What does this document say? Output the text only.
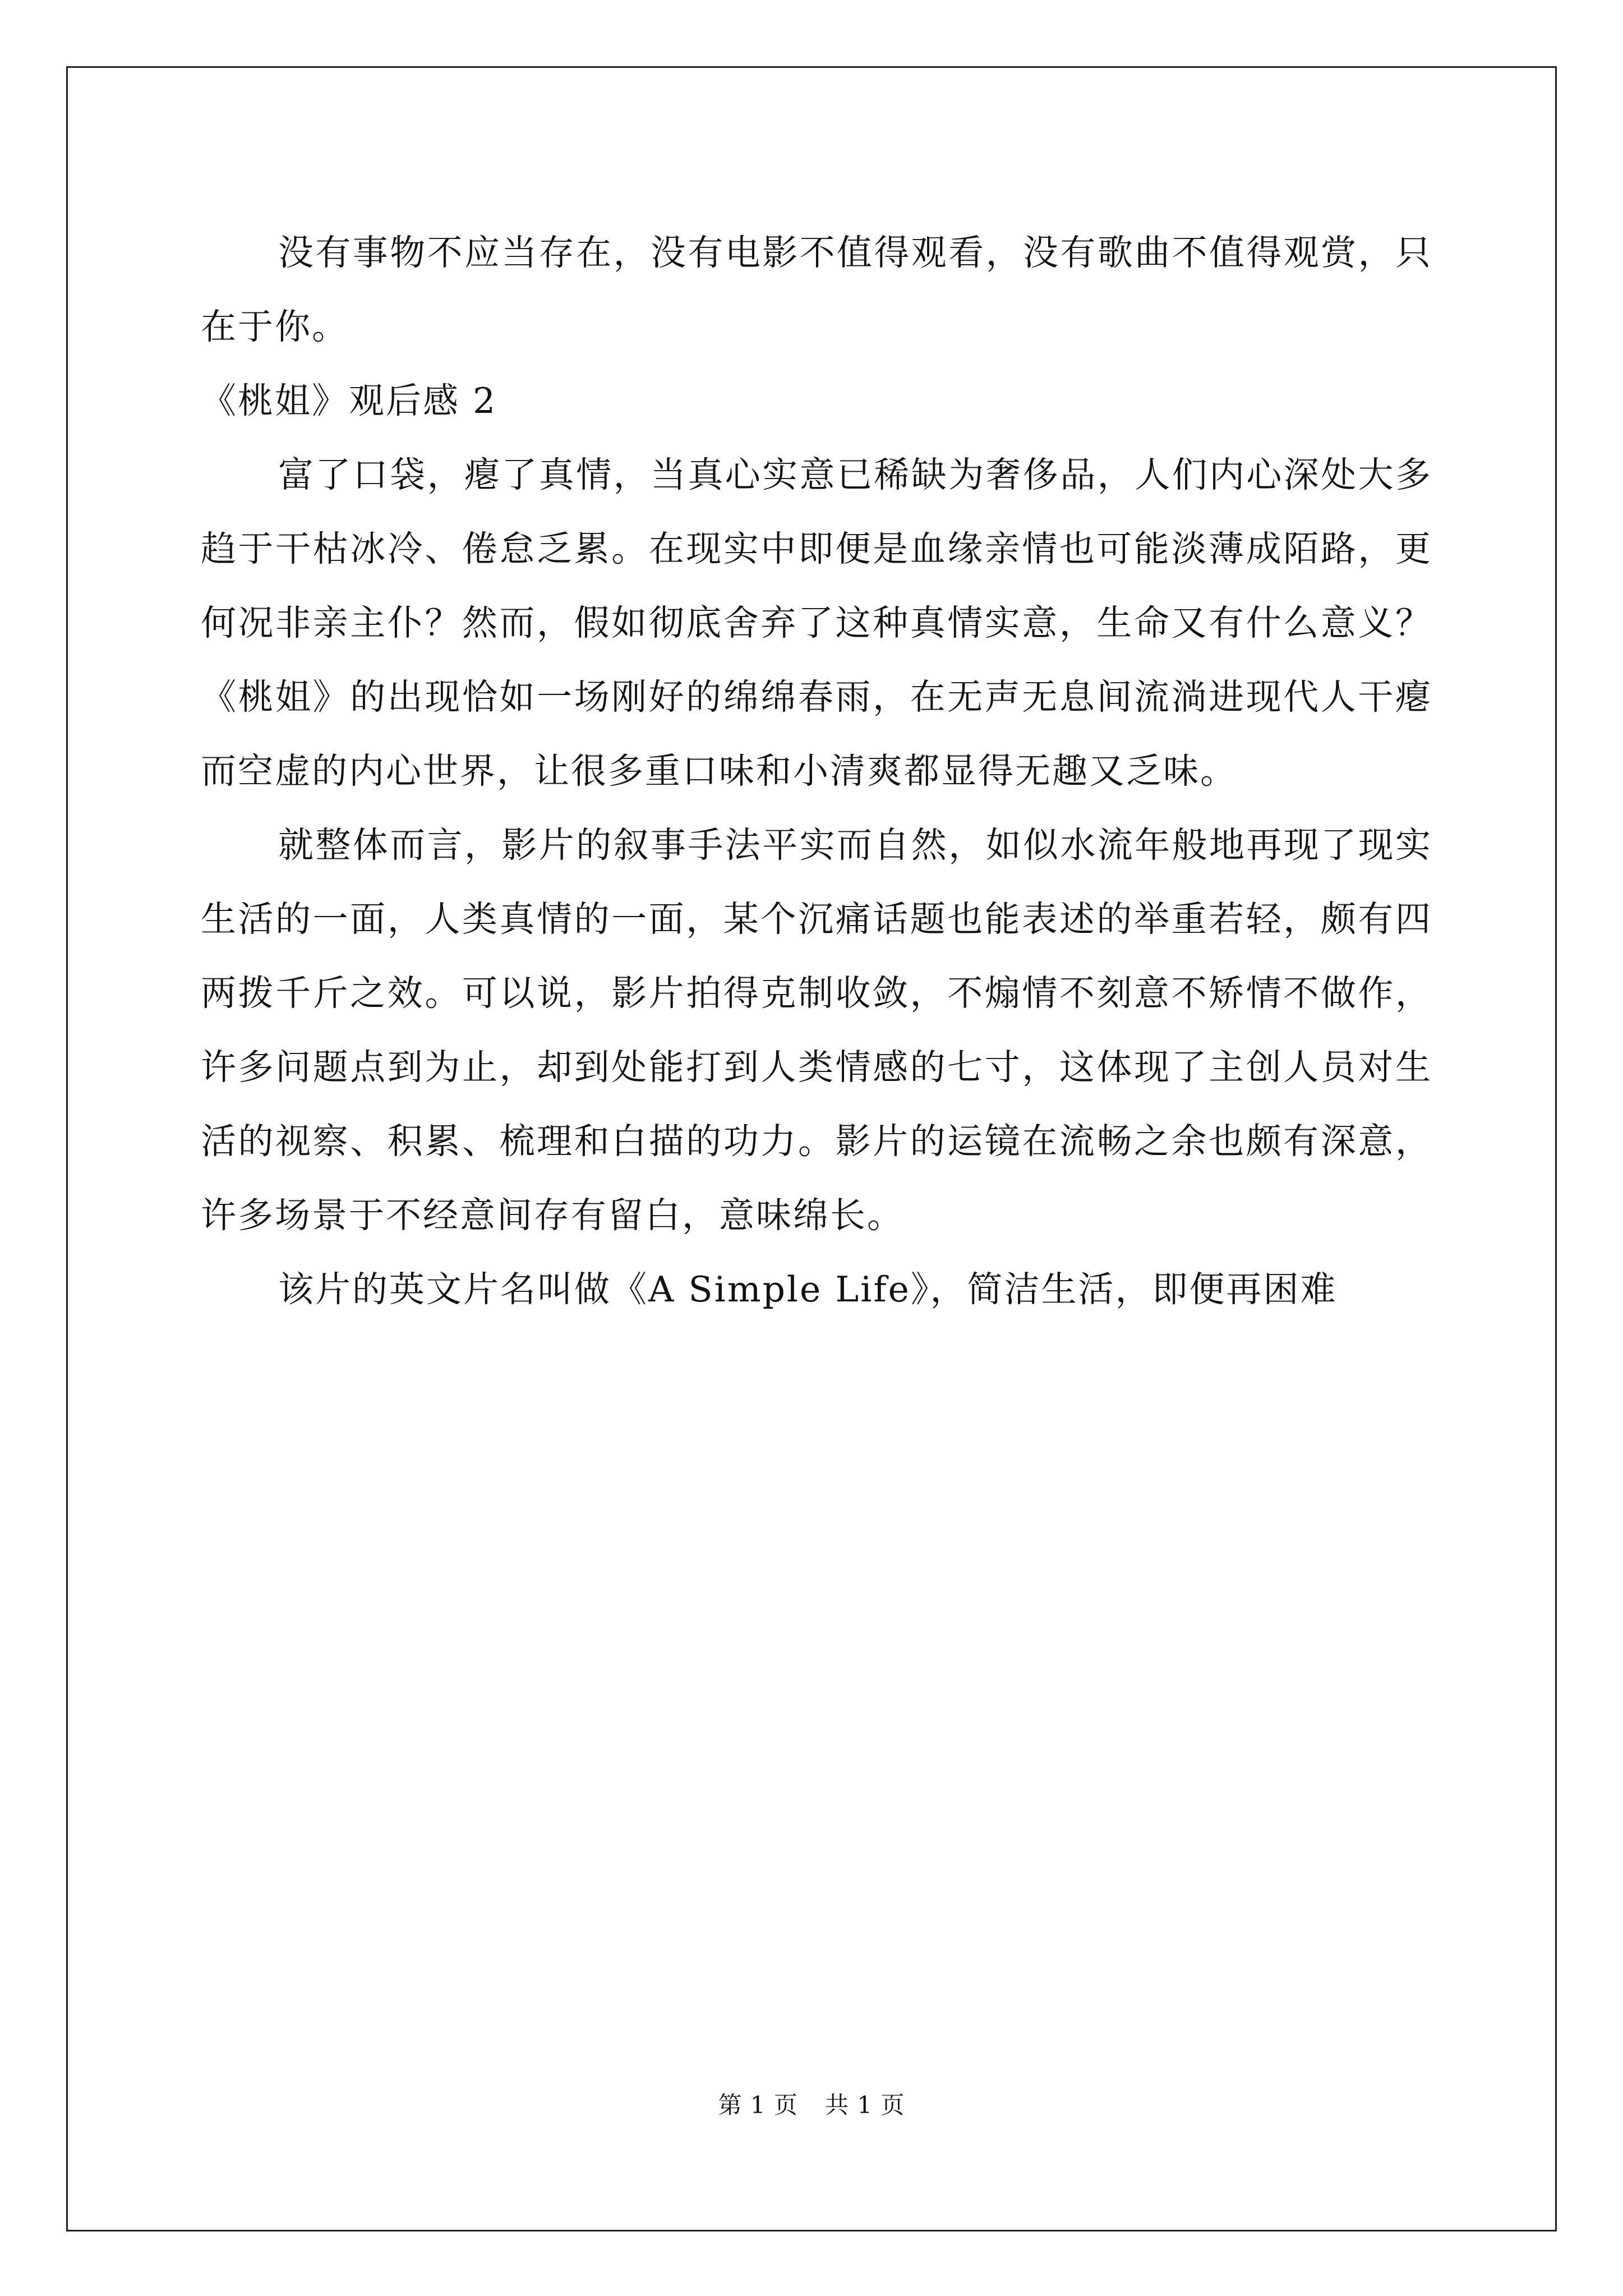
没有事物不应当存在，没有电影不值得观看，没有歌曲不值得观赏，只在于你。

《桃姐》观后感 2

富了口袋，瘪了真情，当真心实意已稀缺为奢侈品，人们内心深处大多趋于干枯冰冷、倦怠乏累。在现实中即便是血缘亲情也可能淡薄成陌路，更何况非亲主仆？然而，假如彻底舍弃了这种真情实意，生命又有什么意义？《桃姐》的出现恰如一场刚好的绵绵春雨，在无声无息间流淌进现代人干瘪而空虚的内心世界，让很多重口味和小清爽都显得无趣又乏味。

就整体而言，影片的叙事手法平实而自然，如似水流年般地再现了现实生活的一面，人类真情的一面，某个沉痛话题也能表述的举重若轻，颇有四两拨千斤之效。可以说，影片拍得克制收敛，不煽情不刻意不矫情不做作，许多问题点到为止，却到处能打到人类情感的七寸，这体现了主创人员对生活的视察、积累、梳理和白描的功力。影片的运镜在流畅之余也颇有深意，许多场景于不经意间存有留白，意味绵长。

该片的英文片名叫做《A Simple Life》，简洁生活，即便再困难

第 1 页 共 1 页
